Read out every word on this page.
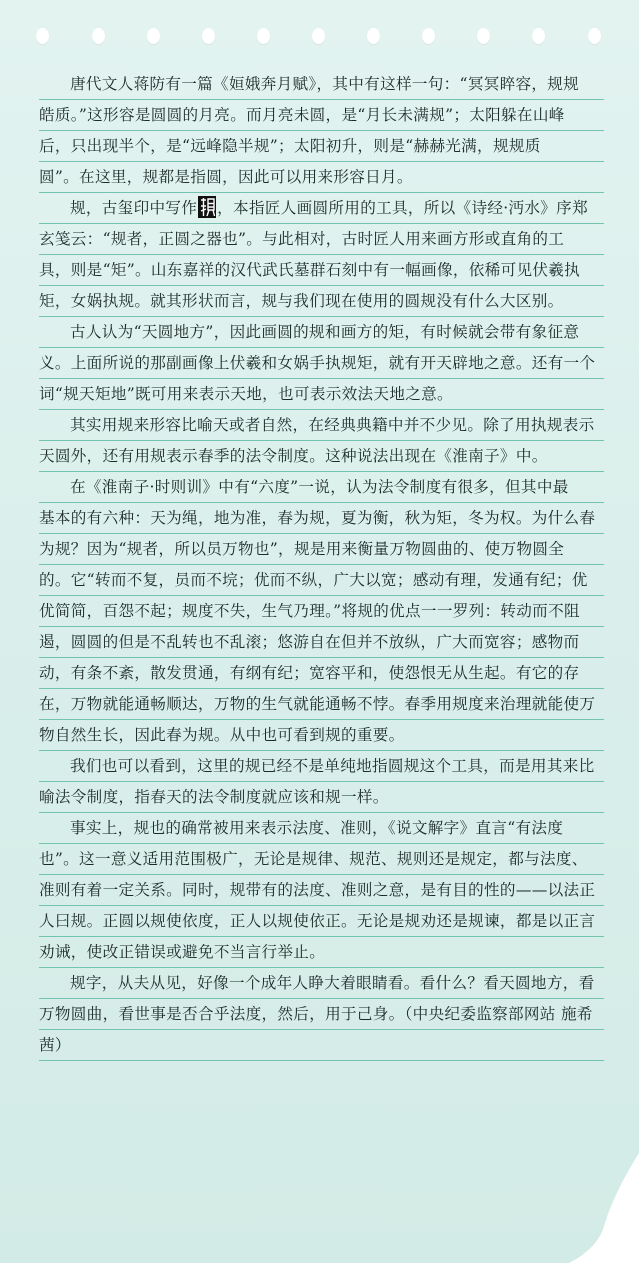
唐代文人蒋防有一篇《姮娥奔月赋》，其中有这样一句：“冥冥睟容，规规
皓质。”这形容是圆圆的月亮。而月亮未圆，是“月长未满规”；太阳躲在山峰
后，只出现半个，是“远峰隐半规”；太阳初升，则是“赫赫光满，规规质
圆”。在这里，规都是指圆，因此可以用来形容日月。
规，古玺印中写作 ，本指匠人画圆所用的工具，所以《诗经·沔水》序郑
玄笺云：“规者，正圆之器也”。与此相对，古时匠人用来画方形或直角的工
具，则是“矩”。山东嘉祥的汉代武氏墓群石刻中有一幅画像，依稀可见伏羲执
矩，女娲执规。就其形状而言，规与我们现在使用的圆规没有什么大区别。
古人认为“天圆地方”，因此画圆的规和画方的矩，有时候就会带有象征意
义。上面所说的那副画像上伏羲和女娲手执规矩，就有开天辟地之意。还有一个
词“规天矩地”既可用来表示天地，也可表示效法天地之意。
其实用规来形容比喻天或者自然，在经典典籍中并不少见。除了用执规表示
天圆外，还有用规表示春季的法令制度。这种说法出现在《淮南子》中。
在《淮南子·时则训》中有“六度”一说，认为法令制度有很多，但其中最
基本的有六种：天为绳，地为准，春为规，夏为衡，秋为矩，冬为权。为什么春
为规？因为“规者，所以员万物也”，规是用来衡量万物圆曲的、使万物圆全
的。它“转而不复，员而不垸；优而不纵，广大以宽；感动有理，发通有纪；优
优简简，百怨不起；规度不失，生气乃理。”将规的优点一一罗列：转动而不阻
遏，圆圆的但是不乱转也不乱滚；悠游自在但并不放纵，广大而宽容；感物而
动，有条不紊，散发贯通，有纲有纪；宽容平和，使怨恨无从生起。有它的存
在，万物就能通畅顺达，万物的生气就能通畅不悖。春季用规度来治理就能使万
物自然生长，因此春为规。从中也可看到规的重要。
我们也可以看到，这里的规已经不是单纯地指圆规这个工具，而是用其来比
喻法令制度，指春天的法令制度就应该和规一样。
事实上，规也的确常被用来表示法度、准则，《说文解字》直言“有法度
也”。这一意义适用范围极广，无论是规律、规范、规则还是规定，都与法度、
准则有着一定关系。同时，规带有的法度、准则之意，是有目的性的——以法正
人曰规。正圆以规使依度，正人以规使依正。无论是规劝还是规谏，都是以正言
劝诫，使改正错误或避免不当言行举止。
规字，从夫从见，好像一个成年人睁大着眼睛看。看什么？看天圆地方，看
万物圆曲，看世事是否合乎法度，然后，用于己身。（中央纪委监察部网站 施希
茜）
